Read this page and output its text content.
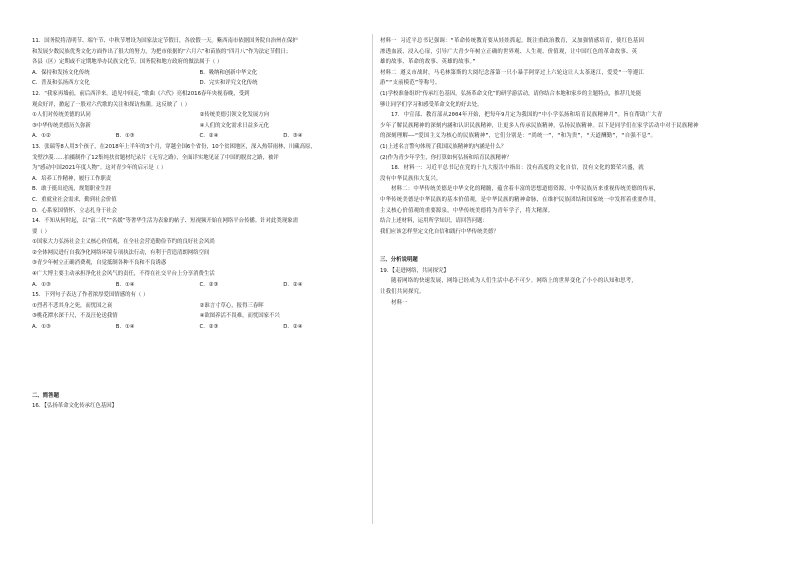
11．国务院将清明节、端午节、中秋节增设为国家法定节假日，各放假一天。紫西南市依据国务院自治州在保护
和发展少数民族优秀文化方面作出了很大的努力，为把市依据的“六月六”和苗族的“四月八”作为法定节假日；
各县（区）定期或不定期地举办民族文化节。国务院和地方政府的做法属于（ ）
A．保持和发扬文化传统	B．吸纳和创新中华文化
C．普及和弘扬西方文化	D．完实和评究文化传统
12．“我家再墙前，前后西洋来。道见中间走，”歌曲《六代》亮相2016春年央视春晚，受到
观众好评，掀起了一股对六代歌的关注和探访热潮。这反映了（ ）
①人们对传统美德的认同	②传统美德引领文化发展方向
③中华传统美德历久弥新	④人们的文化需求日益多元化
A．①②	B．①③	C．②④	D．③④
13．张瑞等8人用3个孩子，在2018年上半年的3个月，穿越全国6个省份，10个贫困地区，深入热带雨林，川藏高原，
戈壁沙漠……拍摄制作了12集纯扶贫题材纪录片《无穷之路》，全面详实地见证了中国的脱贫之路，被评
为“感动中国2021年度人物”。这对青少年的启示是（ ）
A．培养工作精神，履行工作职责
B．敢于挺出逆流，规划职业生涯
C．重就业社会需求，勤到社会价值
D．心系家国情怀，立志扎身于社会
14．不知从何时起，以“富二代”“名媛”等奢华生活为表象的帖子、短视频开始在网络平台传播。针对此类现象需
要（ ）
①国家大力弘扬社会主义核心价值观，在全社会营造勤俭节约的良好社会风尚
②全体网民进行自我净化网络环境专项执法行动，有利于营造清朗网络空间
③青少年树立正确消费观，自觉抵制各种不良和不良诱惑
④广大博主要主动承担净化社会风气的责任，不得在社交平台上分享消费生活
A．①③	B．①④	C．②③	D．②④
15．下列句子表达了作者浓厚爱国情感的有（ ）
①烈者不悲其身之死，而忧国之衰	②谁言寸草心，报得三春晖
③桃花潭水深千尺，不及汪伦送我情	④欲图养活不畏难，而忧国家不兴
A．①③	B．①④	C．②③	D．②④
二、简答题
16．【弘扬革命文化传承红色基因】
材料一 习近平总书记强调：“革命传统教育要从娃娃抓起，既注重政治教育，又加强情感培育，使红色基因
渗透血液、浸入心扉，引导广大青少年树立正确的世界观、人生观、价值观，让中国红色的革命故事、英
雄的故事、革命的故事、英雄的故事。”
材料二 遵义市战时，马毛林第斯的大阅纪念落第一只小暴手阿穿过上六轮这让人太茶迷江，爱爱“一等遵江
游”“支前模范”等称号。
(1)学校准备组织“传承红色基因，弘扬革命文化”的研学游活动，请你结合本地和家乡的主题特点，推荐几处能
够让同学们学习和感受革命文化的好去处。
17．中宣部、教育部从2004年开始，把每年9月定为我国的“中小学弘扬和培育民族精神月”。旨在帮助广大青
少年了解民族精神的深刻内涵和认识民族精神，让更多人传承民族精神，弘扬民族精神。以下是同学们在家学活动中对于民族精神
的深刻理解——“爱国主义为核心的民族精神”，它们分别是：“尚统一”，“和为贵”，“天道酬勤”，“自强不息”。
(1)上述名言警句体现了我国民族精神的内涵是什么？
(2)作为青少年学生，你打算如何弘扬和培育民族精神？
18．材料一：习近平总书记在党的十九大报告中指出：没有高度的文化自信，没有文化的繁荣兴盛，就
没有中华民族伟大复兴。
材料二：中华传统美德是中华文化的精髓，蕴含着丰富的思想道德资源，中华民族历来重视传统美德的传承，
中华传统美德是中华民族的基本价值观，是中华民族的精神命脉，在维护民族团结和国家统一中发挥着重要作用，
主义核心价值观的重要源泉，中华传统美德将为青年学子，将大精深。
结合上述材料，运用所学知识，请回答问题：
我们应该怎样坚定文化自信和践行中华传统美德？
三、分析说明题
19．【走进网络，共同探究】
随着网络的快速发展，网络已经成为人们生活中必不可少。网络上的世界变化了小小的认知和思考，
让我们共同探究。
材料一
